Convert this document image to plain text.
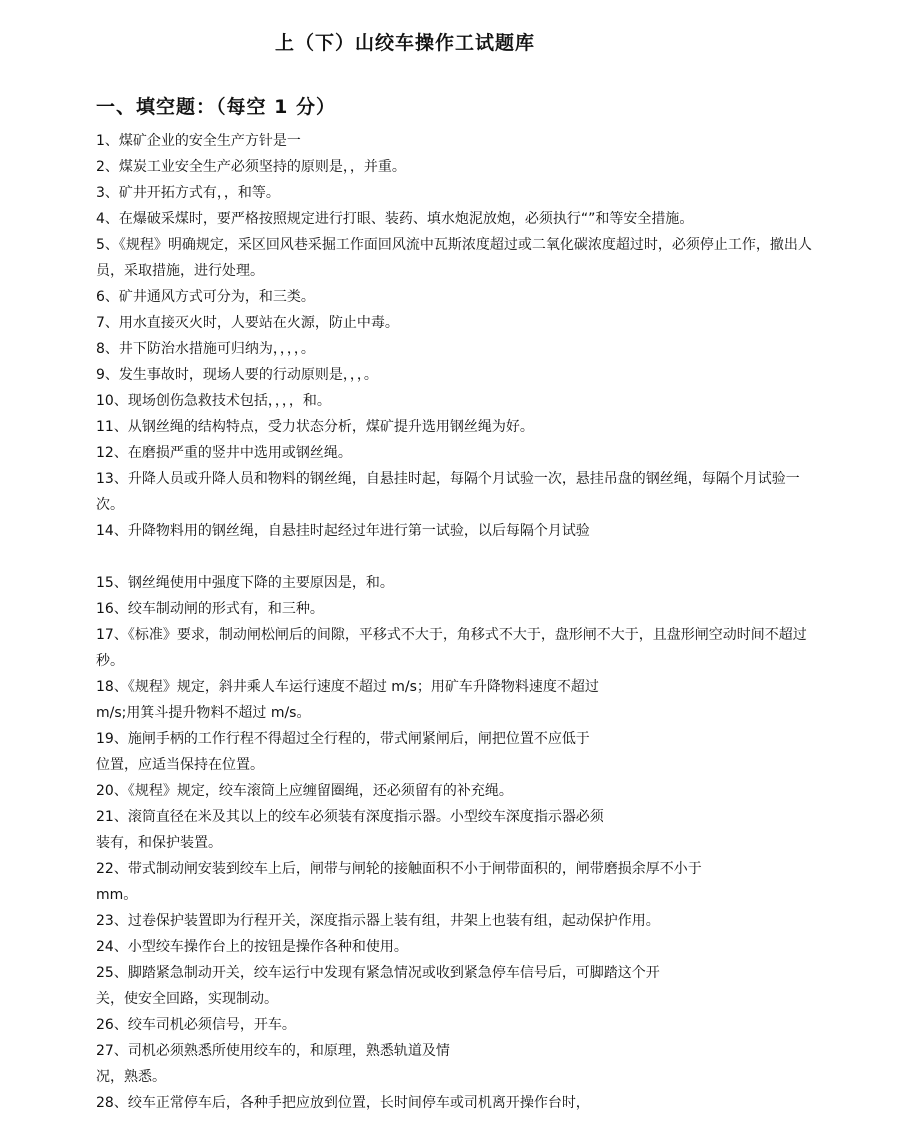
上（下）山绞车操作工试题库
一、填空题：（每空 1 分）
1、煤矿企业的安全生产方针是一
2、煤炭工业安全生产必须坚持的原则是，，并重。
3、矿井开拓方式有，，和等。
4、在爆破采煤时，要严格按照规定进行打眼、装药、填水炮泥放炮，必须执行“”和等安全措施。
5、《规程》明确规定，采区回风巷采掘工作面回风流中瓦斯浓度超过或二氧化碳浓度超过时，必须停止工作，撤出人员，采取措施，进行处理。
6、矿井通风方式可分为，和三类。
7、用水直接灭火时，人要站在火源，防止中毒。
8、井下防治水措施可归纳为，，，，。
9、发生事故时，现场人要的行动原则是，，，。
10、现场创伤急救技术包括，，，，和。
11、从钢丝绳的结构特点，受力状态分析，煤矿提升选用钢丝绳为好。
12、在磨损严重的竖井中选用或钢丝绳。
13、升降人员或升降人员和物料的钢丝绳，自悬挂时起，每隔个月试验一次，悬挂吊盘的钢丝绳，每隔个月试验一次。
14、升降物料用的钢丝绳，自悬挂时起经过年进行第一试验，以后每隔个月试验
15、钢丝绳使用中强度下降的主要原因是，和。
16、绞车制动闸的形式有，和三种。
17、《标准》要求，制动闸松闸后的间隙，平移式不大于，角移式不大于，盘形闸不大于，且盘形闸空动时间不超过秒。
18、《规程》规定，斜井乘人车运行速度不超过 m/s；用矿车升降物料速度不超过
m/s;用箕斗提升物料不超过 m/s。
19、施闸手柄的工作行程不得超过全行程的，带式闸紧闸后，闸把位置不应低于
位置，应适当保持在位置。
20、《规程》规定，绞车滚筒上应缠留圈绳，还必须留有的补充绳。
21、滚筒直径在米及其以上的绞车必须装有深度指示器。小型绞车深度指示器必须
装有，和保护装置。
22、带式制动闸安装到绞车上后，闸带与闸轮的接触面积不小于闸带面积的，闸带磨损余厚不小于
mm。
23、过卷保护装置即为行程开关，深度指示器上装有组，井架上也装有组，起动保护作用。
24、小型绞车操作台上的按钮是操作各种和使用。
25、脚踏紧急制动开关，绞车运行中发现有紧急情况或收到紧急停车信号后，可脚踏这个开
关，使安全回路，实现制动。
26、绞车司机必须信号，开车。
27、司机必须熟悉所使用绞车的，和原理，熟悉轨道及情
况，熟悉。
28、绞车正常停车后，各种手把应放到位置，长时间停车或司机离开操作台时，
